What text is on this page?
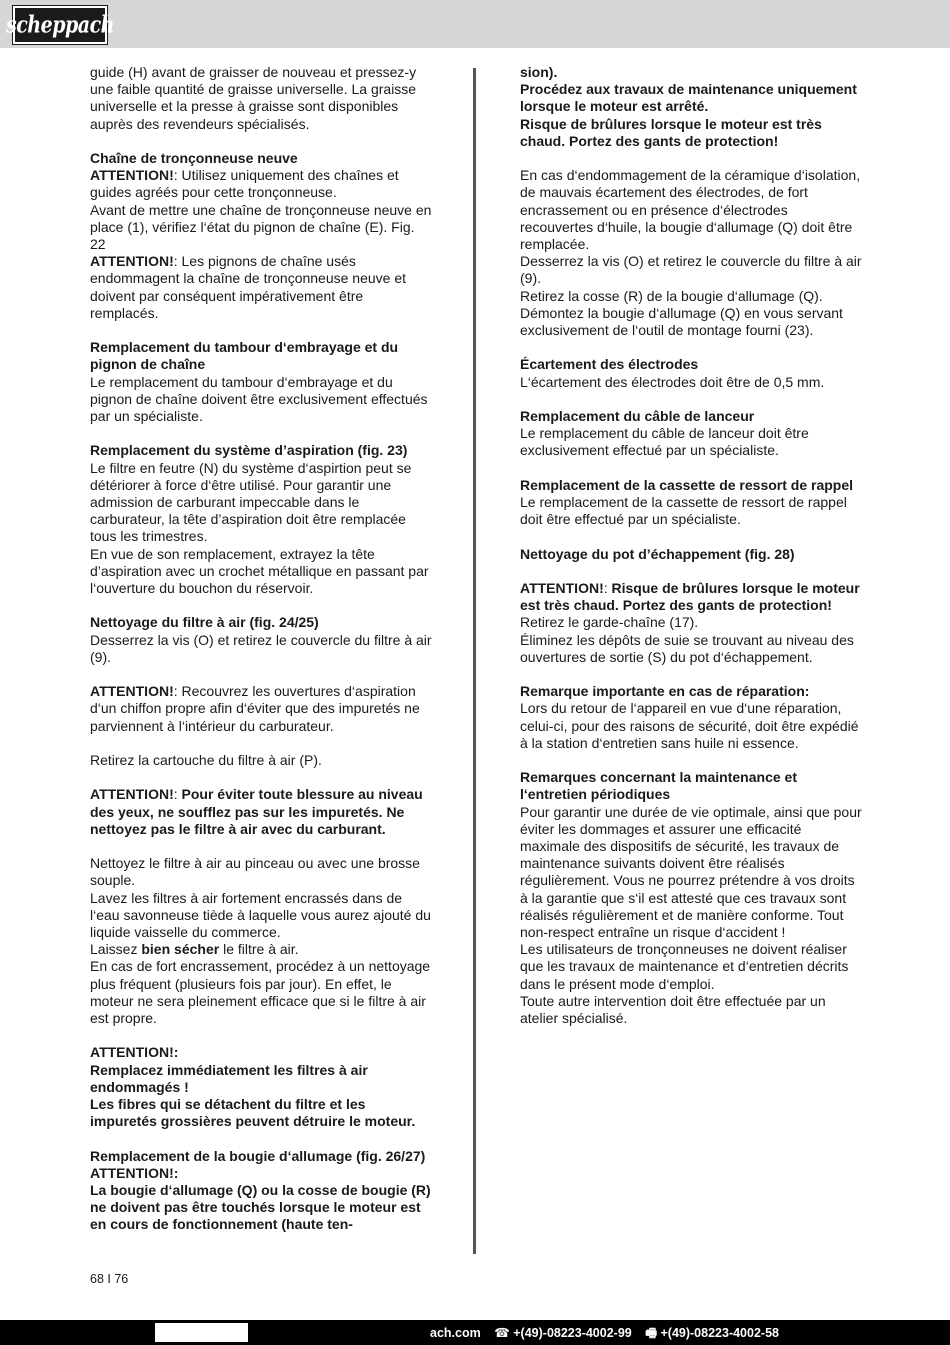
scheppach

guide (H) avant de graisser de nouveau et pressez-y une faible quantité de graisse universelle. La graisse universelle et la presse à graisse sont disponibles auprès des revendeurs spécialisés.

Chaîne de tronçonneuse neuve

ATTENTION!: Utilisez uniquement des chaînes et guides agréés pour cette tronçonneuse.

Avant de mettre une chaîne de tronçonneuse neuve en place (1), vérifiez l‘état du pignon de chaîne (E). Fig. 22

ATTENTION!: Les pignons de chaîne usés endommagent la chaîne de tronçonneuse neuve et doivent par conséquent impérativement être remplacés.

Remplacement du tambour d‘embrayage et du pignon de chaîne

Le remplacement du tambour d‘embrayage et du pignon de chaîne doivent être exclusivement effectués par un spécialiste.

Remplacement du système d’aspiration (fig. 23)

Le filtre en feutre (N) du système d‘aspirtion peut se détériorer à force d‘être utilisé. Pour garantir une admission de carburant impeccable dans le carburateur, la tête d’aspiration doit être remplacée tous les trimestres.

En vue de son remplacement, extrayez la tête d’aspiration avec un crochet métallique en passant par l‘ouverture du bouchon du réservoir.

Nettoyage du filtre à air (fig. 24/25)

Desserrez la vis (O) et retirez le couvercle du filtre à air (9).

ATTENTION!: Recouvrez les ouvertures d‘aspiration d‘un chiffon propre afin d‘éviter que des impuretés ne parviennent à l‘intérieur du carburateur.

Retirez la cartouche du filtre à air (P).

ATTENTION!: Pour éviter toute blessure au niveau des yeux, ne soufflez pas sur les impuretés. Ne nettoyez pas le filtre à air avec du carburant.

Nettoyez le filtre à air au pinceau ou avec une brosse souple.

Lavez les filtres à air fortement encrassés dans de l‘eau savonneuse tiède à laquelle vous aurez ajouté du liquide vaisselle du commerce.

Laissez bien sécher le filtre à air.

En cas de fort encrassement, procédez à un nettoyage plus fréquent (plusieurs fois par jour). En effet, le moteur ne sera pleinement efficace que si le filtre à air est propre.

ATTENTION!:

Remplacez immédiatement les filtres à air endommagés !

Les fibres qui se détachent du filtre et les impuretés grossières peuvent détruire le moteur.

Remplacement de la bougie d‘allumage (fig. 26/27)

ATTENTION!:

La bougie d‘allumage (Q) ou la cosse de bougie (R) ne doivent pas être touchés lorsque le moteur est en cours de fonctionnement (haute ten-

sion).

Procédez aux travaux de maintenance uniquement lorsque le moteur est arrêté.

Risque de brûlures lorsque le moteur est très chaud. Portez des gants de protection!

En cas d‘endommagement de la céramique d‘isolation, de mauvais écartement des électrodes, de fort encrassement ou en présence d‘électrodes recouvertes d‘huile, la bougie d‘allumage (Q) doit être remplacée.

Desserrez la vis (O) et retirez le couvercle du filtre à air (9).

Retirez la cosse (R) de la bougie d‘allumage (Q). Démontez la bougie d‘allumage (Q) en vous servant exclusivement de l‘outil de montage fourni (23).

Écartement des électrodes

L‘écartement des électrodes doit être de 0,5 mm.

Remplacement du câble de lanceur

Le remplacement du câble de lanceur doit être exclusivement effectué par un spécialiste.

Remplacement de la cassette de ressort de rappel

Le remplacement de la cassette de ressort de rappel doit être effectué par un spécialiste.

Nettoyage du pot d’échappement (fig. 28)

ATTENTION!: Risque de brûlures lorsque le moteur est très chaud. Portez des gants de protection!

Retirez le garde-chaîne (17).

Éliminez les dépôts de suie se trouvant au niveau des ouvertures de sortie (S) du pot d‘échappement.

Remarque importante en cas de réparation:

Lors du retour de l‘appareil en vue d‘une réparation, celui-ci, pour des raisons de sécurité, doit être expédié à la station d‘entretien sans huile ni essence.

Remarques concernant la maintenance et l‘entretien périodiques

Pour garantir une durée de vie optimale, ainsi que pour éviter les dommages et assurer une efficacité maximale des dispositifs de sécurité, les travaux de maintenance suivants doivent être réalisés régulièrement. Vous ne pourrez prétendre à vos droits à la garantie que s‘il est attesté que ces travaux sont réalisés régulièrement et de manière conforme. Tout non-respect entraîne un risque d‘accident !

Les utilisateurs de tronçonneuses ne doivent réaliser que les travaux de maintenance et d‘entretien décrits dans le présent mode d‘emploi.

Toute autre intervention doit être effectuée par un atelier spécialisé.

68 I 76
ach.com ☎ +(49)-08223-4002-99 🖷 +(49)-08223-4002-58
